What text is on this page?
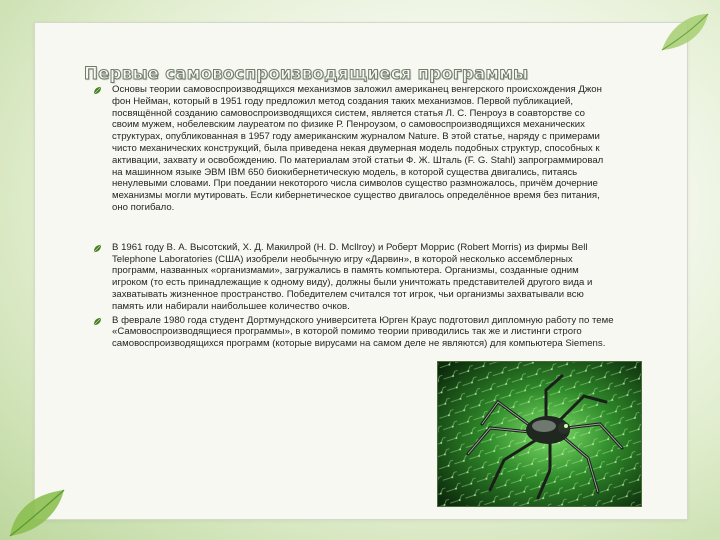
Первые самовоспроизводящиеся программы
Основы теории самовоспроизводящихся механизмов заложил американец венгерского происхождения Джон фон Нейман, который в 1951 году предложил метод создания таких механизмов. Первой публикацией, посвящённой созданию самовоспроизводящихся систем, является статья Л. С. Пенроуз в соавторстве со своим мужем, нобелевским лауреатом по физике Р. Пенроузом, о самовоспроизводящихся механических структурах, опубликованная в 1957 году американским журналом Nature. В этой статье, наряду с примерами чисто механических конструкций, была приведена некая двумерная модель подобных структур, способных к активации, захвату и освобождению. По материалам этой статьи Ф. Ж. Шталь (F. G. Stahl) запрограммировал на машинном языке ЭВМ IBM 650 биокибернетическую модель, в которой существа двигались, питаясь ненулевыми словами. При поедании некоторого числа символов существо размножалось, причём дочерние механизмы могли мутировать. Если кибернетическое существо двигалось определённое время без питания, оно погибало.
В 1961 году В. А. Высотский, Х. Д. Макилрой (H. D. McIlroy) и Роберт Моррис (Robert Morris) из фирмы Bell Telephone Laboratories (США) изобрели необычную игру «Дарвин», в которой несколько ассемблерных программ, названных «организмами», загружались в память компьютера. Организмы, созданные одним игроком (то есть принадлежащие к одному виду), должны были уничтожать представителей другого вида и захватывать жизненное пространство. Победителем считался тот игрок, чьи организмы захватывали всю память или набирали наибольшее количество очков.
В феврале 1980 года студент Дортмундского университета Юрген Краус подготовил дипломную работу по теме «Самовоспроизводящиеся программы», в которой помимо теории приводились так же и листинги строго самовоспроизводящихся программ (которые вирусами на самом деле не являются) для компьютера Siemens.
